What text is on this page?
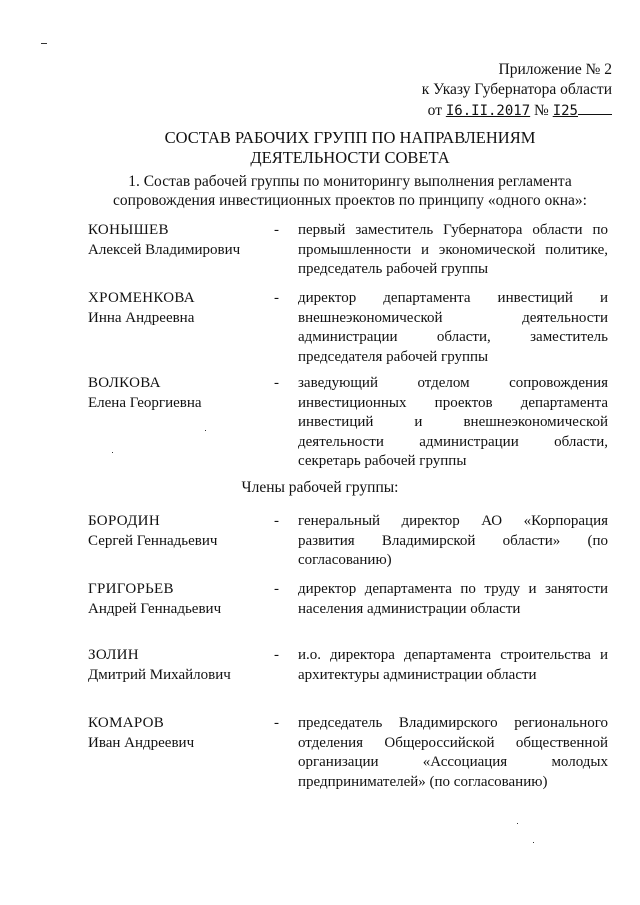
Приложение № 2
к Указу Губернатора области
от I6.II.2017 № I25
СОСТАВ РАБОЧИХ ГРУПП ПО НАПРАВЛЕНИЯМ ДЕЯТЕЛЬНОСТИ СОВЕТА
1. Состав рабочей группы по мониторингу выполнения регламента сопровождения инвестиционных проектов по принципу «одного окна»:
КОНЫШЕВ
Алексей Владимирович
- первый заместитель Губернатора области по промышленности и экономической политике, председатель рабочей группы
ХРОМЕНКОВА
Инна Андреевна
- директор департамента инвестиций и внешнеэкономической деятельности администрации области, заместитель председателя рабочей группы
ВОЛКОВА
Елена Георгиевна
- заведующий отделом сопровождения инвестиционных проектов департамента инвестиций и внешнеэкономической деятельности администрации области, секретарь рабочей группы
Члены рабочей группы:
БОРОДИН
Сергей Геннадьевич
- генеральный директор АО «Корпорация развития Владимирской области» (по согласованию)
ГРИГОРЬЕВ
Андрей Геннадьевич
- директор департамента по труду и занятости населения администрации области
ЗОЛИН
Дмитрий Михайлович
- и.о. директора департамента строительства и архитектуры администрации области
КОМАРОВ
Иван Андреевич
- председатель Владимирского регионального отделения Общероссийской общественной организации «Ассоциация молодых предпринимателей» (по согласованию)
